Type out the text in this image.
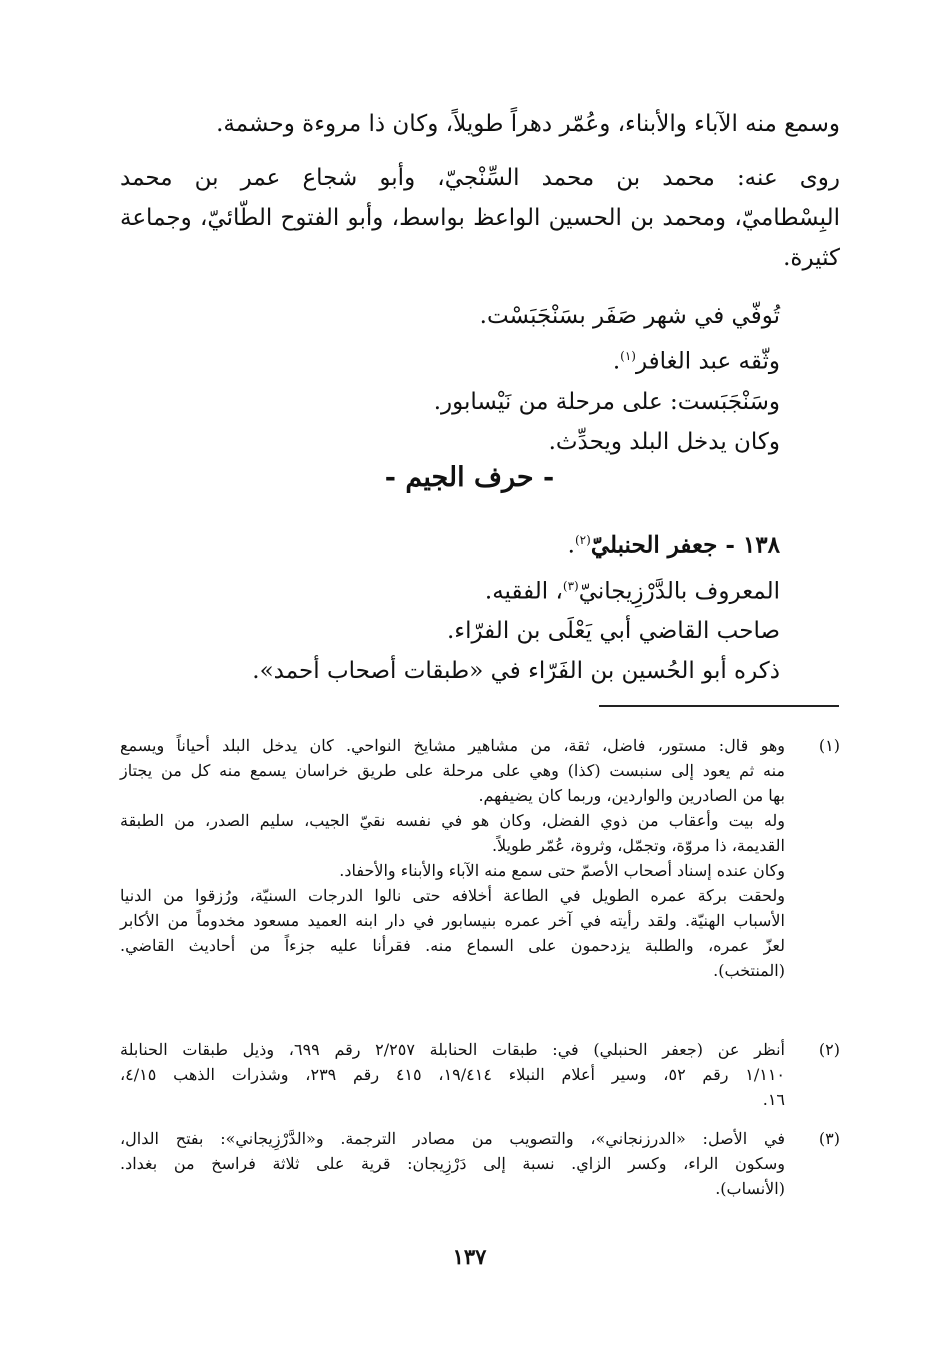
وسمع منه الآباء والأبناء، وعُمّر دهراً طويلاً، وكان ذا مروءة وحشمة.

روى عنه: محمد بن محمد السِّنْجيّ، وأبو شجاع عمر بن محمد

البِسْطاميّ، ومحمد بن الحسين الواعظ بواسط، وأبو الفتوح الطّائيّ، وجماعة

كثيرة.

تُوفّي في شهر صَفَر بسَنْجَبَسْت.

وثّقه عبد الغافر$^{(١)}$.

وسَنْجَبَست: على مرحلة من نَيْسابور.

وكان يدخل البلد ويحدِّث.

- حرف الجيم -

١٣٨ - جعفر الحنبليّ$^{(٢)}$.

المعروف بالدَّرْزِيجانيّ$^{(٣)}$، الفقيه.

صاحب القاضي أبي يَعْلَى بن الفرّاء.

ذكره أبو الحُسين بن الفَرّاء في «طبقات أصحاب أحمد».

(١)

وهو قال: مستور، فاضل، ثقة، من مشاهير مشايخ النواحي. كان يدخل البلد أحياناً ويسمع

منه ثم يعود إلى سنبست (كذا) وهي على مرحلة على طريق خراسان يسمع منه كل من يجتاز

بها من الصادرين والواردين، وربما كان يضيفهم.

وله بيت وأعقاب من ذوي الفضل، وكان هو في نفسه نقيّ الجيب، سليم الصدر، من الطبقة

القديمة، ذا مروّة، وتجمّل، وثروة، عُمّر طويلاً.

وكان عنده إسناد أصحاب الأصمّ حتى سمع منه الآباء والأبناء والأحفاد.

ولحقت بركة عمره الطويل في الطاعة أخلافه حتى نالوا الدرجات السنيّة، ورُزقوا من الدنيا

الأسباب الهنيّة. ولقد رأيته في آخر عمره بنيسابور في دار ابنه العميد مسعود مخدوماً من الأكابر

لعزّ عمره، والطلبة يزدحمون على السماع منه. فقرأنا عليه جزءاً من أحاديث القاضي.

(المنتخب).

(٢)

أنظر عن (جعفر الحنبلي) في: طبقات الحنابلة ٢/٢٥٧ رقم ٦٩٩، وذيل طبقات الحنابلة

١/١١٠ رقم ٥٢، وسير أعلام النبلاء ١٩/٤١٤، ٤١٥ رقم ٢٣٩، وشذرات الذهب ٤/١٥،

١٦.

(٣)

في الأصل: «الدرزنجاني»، والتصويب من مصادر الترجمة. و«الدَّرْزِيجاني»: بفتح الدال،

وسكون الراء، وكسر الزاي. نسبة إلى دَرْزِيجان: قرية على ثلاثة فراسخ من بغداد.

(الأنساب).

١٣٧
